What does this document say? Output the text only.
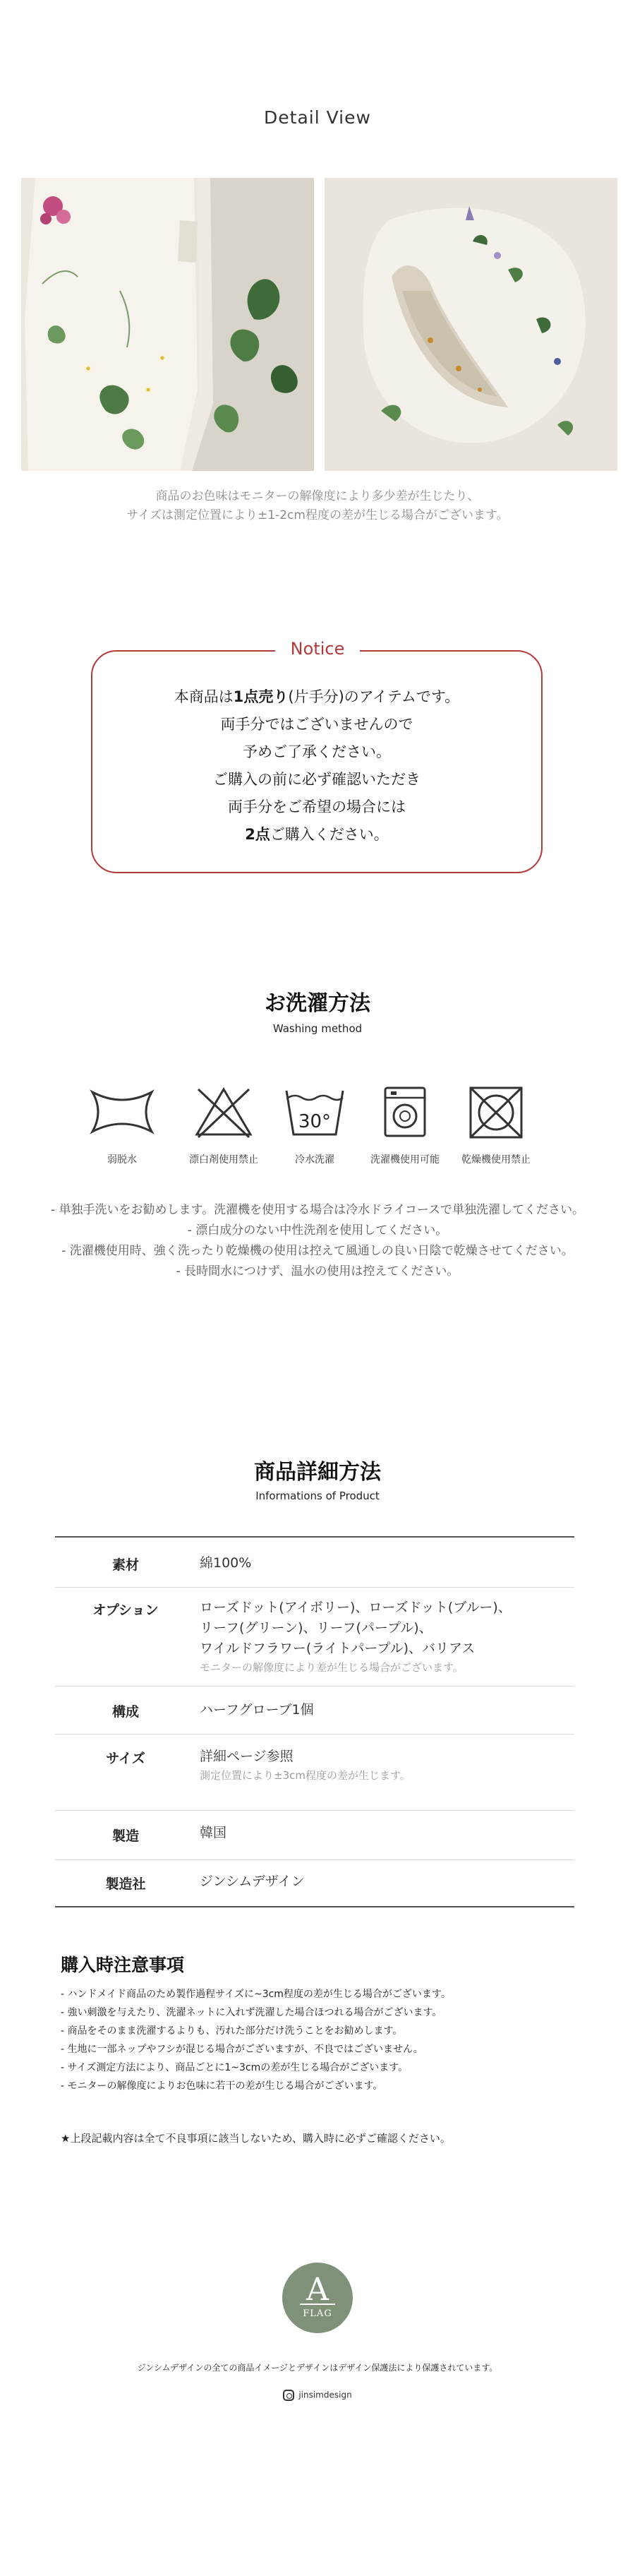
Detail View
商品のお色味はモニターの解像度により多少差が生じたり、
サイズは測定位置により±1-2cm程度の差が生じる場合がございます。
Notice
本商品は1点売り(片手分)のアイテムです。
両手分ではございませんので
予めご了承ください。
ご購入の前に必ず確認いただき
両手分をご希望の場合には
2点ご購入ください。
お洗濯方法
Washing method
30°
弱脱水	漂白剤使用禁止	冷水洗濯	洗濯機使用可能	乾燥機使用禁止
- 単独手洗いをお勧めします。洗濯機を使用する場合は冷水ドライコースで単独洗濯してください。
- 漂白成分のない中性洗剤を使用してください。
- 洗濯機使用時、強く洗ったり乾燥機の使用は控えて風通しの良い日陰で乾燥させてください。
- 長時間水につけず、温水の使用は控えてください。
商品詳細方法
Informations of Product
素材	綿100%
オプション	ローズドット(アイボリー)、ローズドット(ブルー)、
リーフ(グリーン)、リーフ(パープル)、
ワイルドフラワー(ライトパープル)、バリアス
モニターの解像度により差が生じる場合がございます。
構成	ハーフグローブ1個
サイズ	詳細ページ参照
測定位置により±3cm程度の差が生じます。
製造	韓国
製造社	ジンシムデザイン
購入時注意事項
- ハンドメイド商品のため製作過程サイズに~3cm程度の差が生じる場合がございます。
- 強い刺激を与えたり、洗濯ネットに入れず洗濯した場合ほつれる場合がございます。
- 商品をそのまま洗濯するよりも、汚れた部分だけ洗うことをお勧めします。
- 生地に一部ネップやフシが混じる場合がございますが、不良ではございません。
- サイズ測定方法により、商品ごとに1~3cmの差が生じる場合がございます。
- モニターの解像度によりお色味に若干の差が生じる場合がございます。
★上段記載内容は全て不良事項に該当しないため、購入時に必ずご確認ください。
A
FLAG
ジンシムデザインの全ての商品イメージとデザインはデザイン保護法により保護されています。
jinsimdesign
